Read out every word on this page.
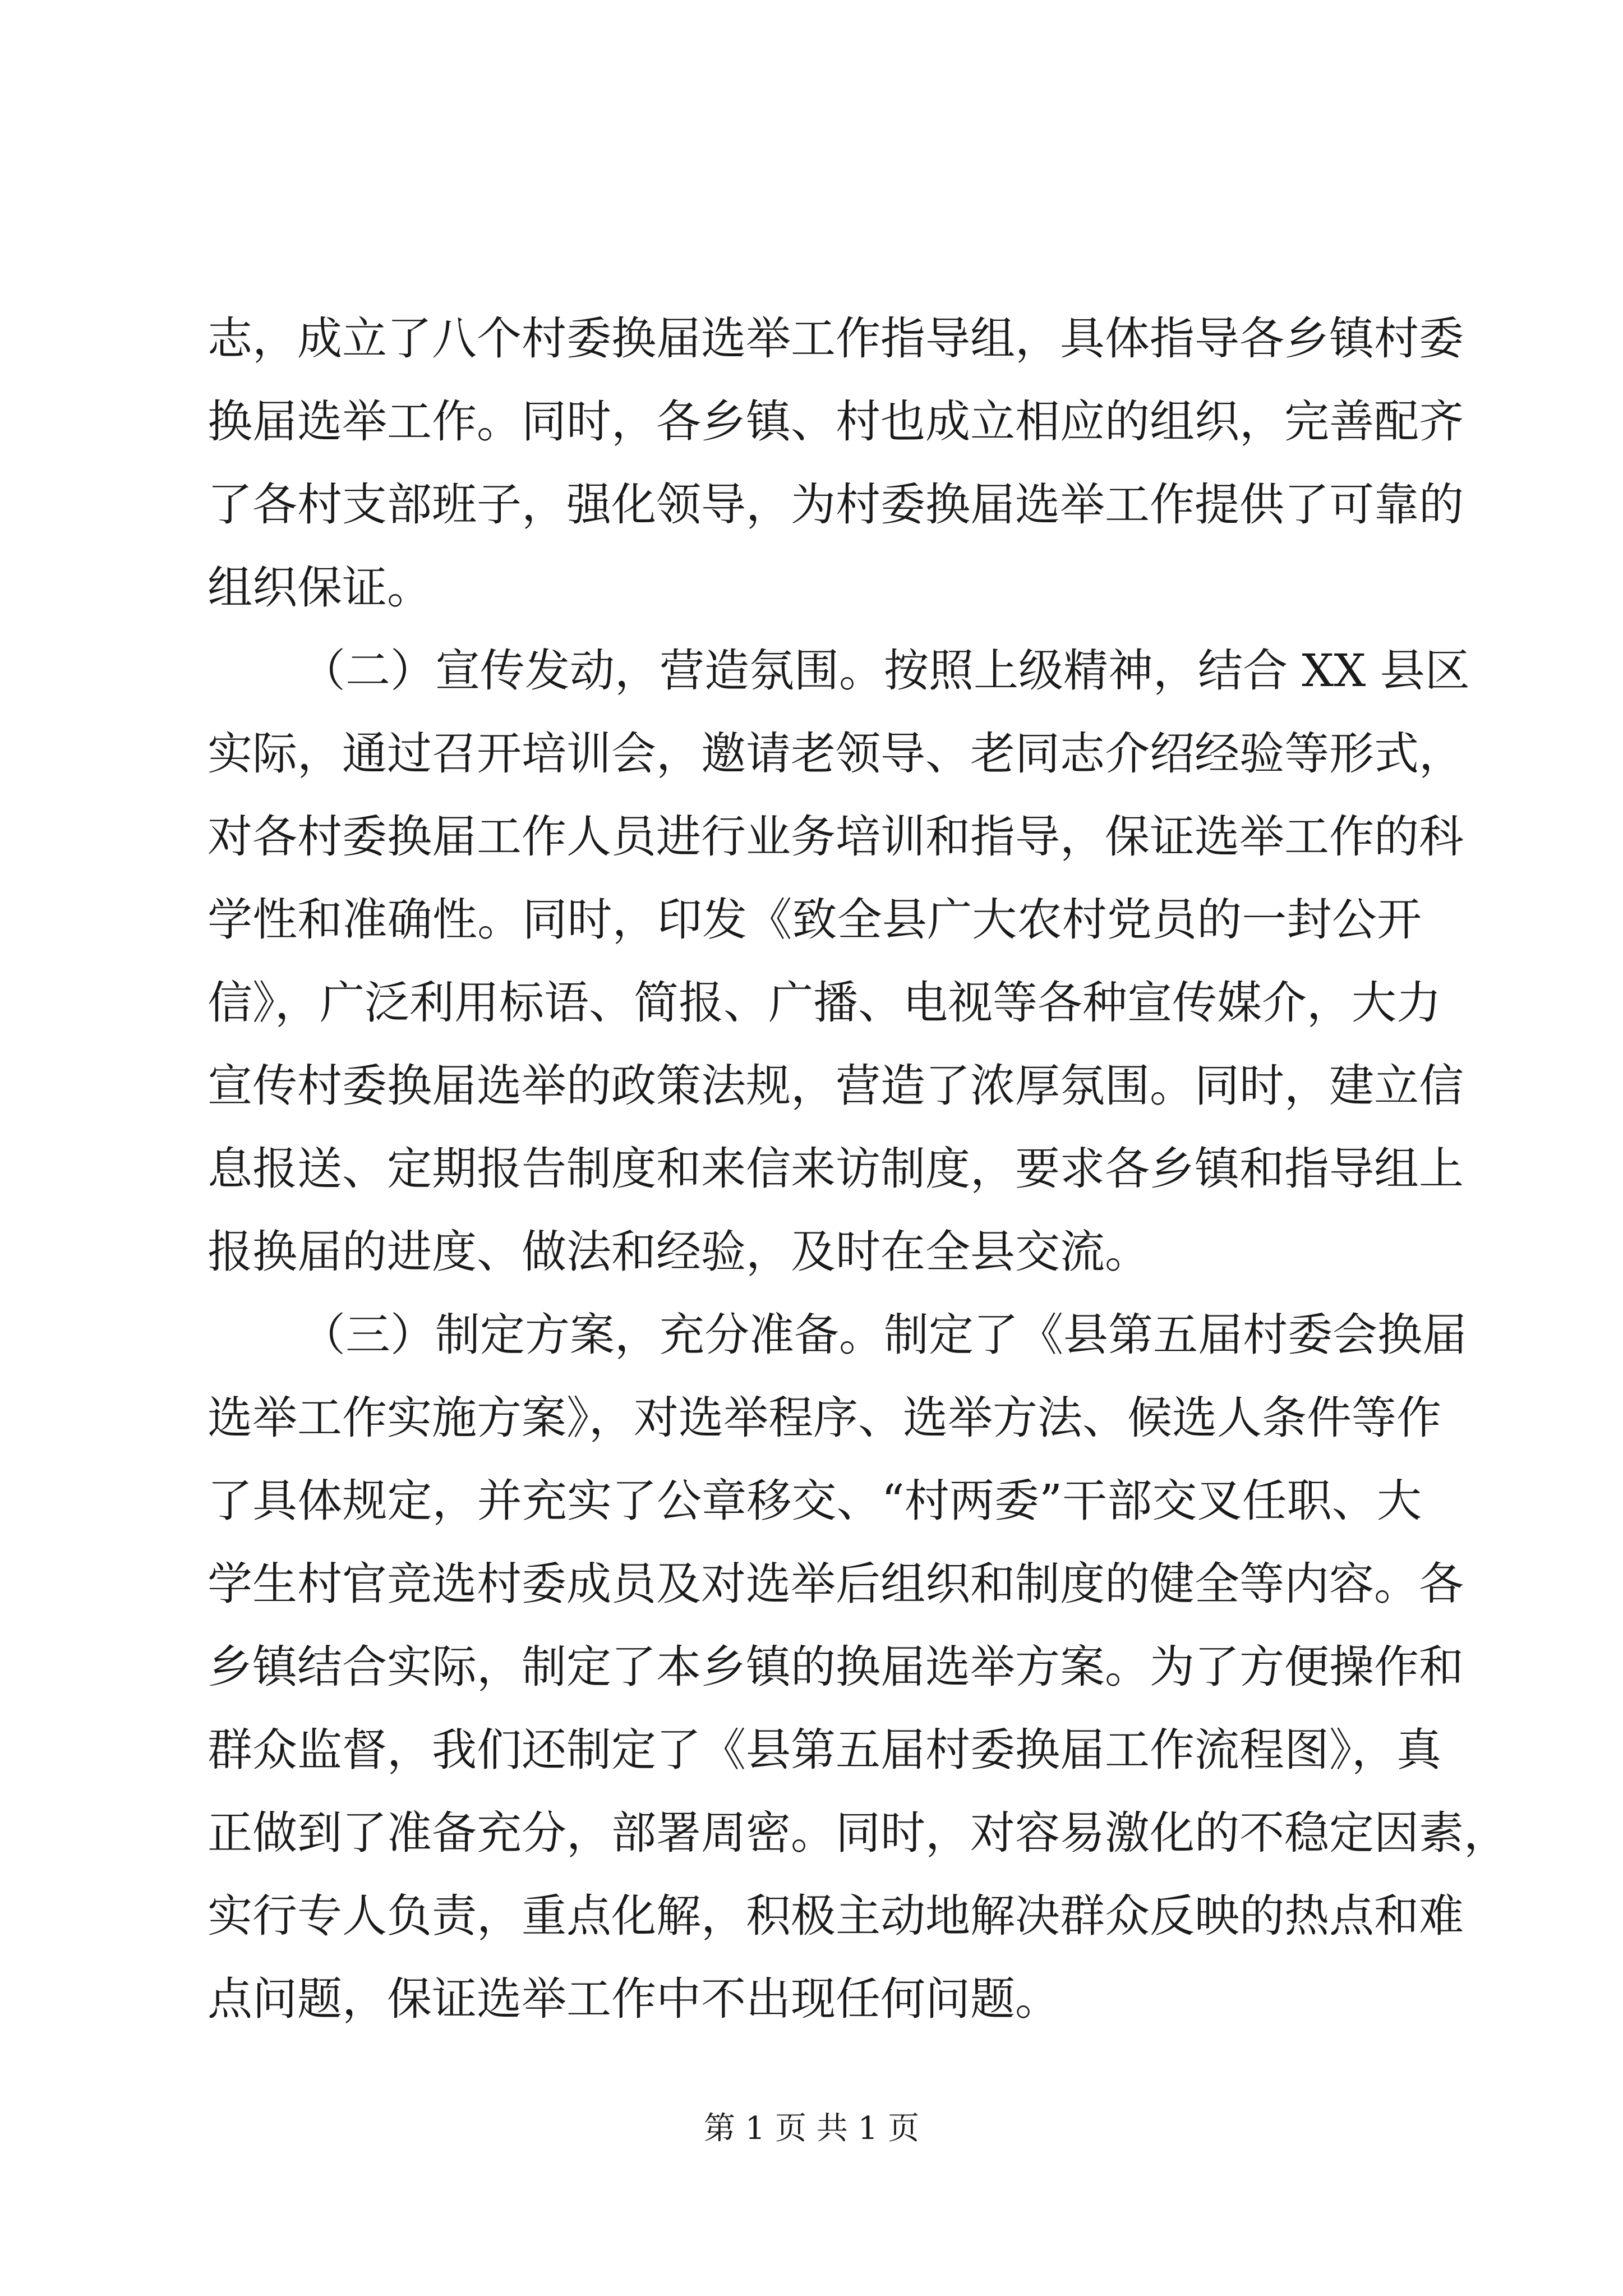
志，成立了八个村委换届选举工作指导组，具体指导各乡镇村委
换届选举工作。同时，各乡镇、村也成立相应的组织，完善配齐
了各村支部班子，强化领导，为村委换届选举工作提供了可靠的
组织保证。
（二）宣传发动，营造氛围。按照上级精神，结合 XX 县区
实际，通过召开培训会，邀请老领导、老同志介绍经验等形式，
对各村委换届工作人员进行业务培训和指导，保证选举工作的科
学性和准确性。同时，印发《致全县广大农村党员的一封公开
信》，广泛利用标语、简报、广播、电视等各种宣传媒介，大力
宣传村委换届选举的政策法规，营造了浓厚氛围。同时，建立信
息报送、定期报告制度和来信来访制度，要求各乡镇和指导组上
报换届的进度、做法和经验，及时在全县交流。
（三）制定方案，充分准备。制定了《县第五届村委会换届
选举工作实施方案》，对选举程序、选举方法、候选人条件等作
了具体规定，并充实了公章移交、“村两委”干部交叉任职、大
学生村官竞选村委成员及对选举后组织和制度的健全等内容。各
乡镇结合实际，制定了本乡镇的换届选举方案。为了方便操作和
群众监督，我们还制定了《县第五届村委换届工作流程图》，真
正做到了准备充分，部署周密。同时，对容易激化的不稳定因素，
实行专人负责，重点化解，积极主动地解决群众反映的热点和难
点问题，保证选举工作中不出现任何问题。
第 1 页 共 1 页
